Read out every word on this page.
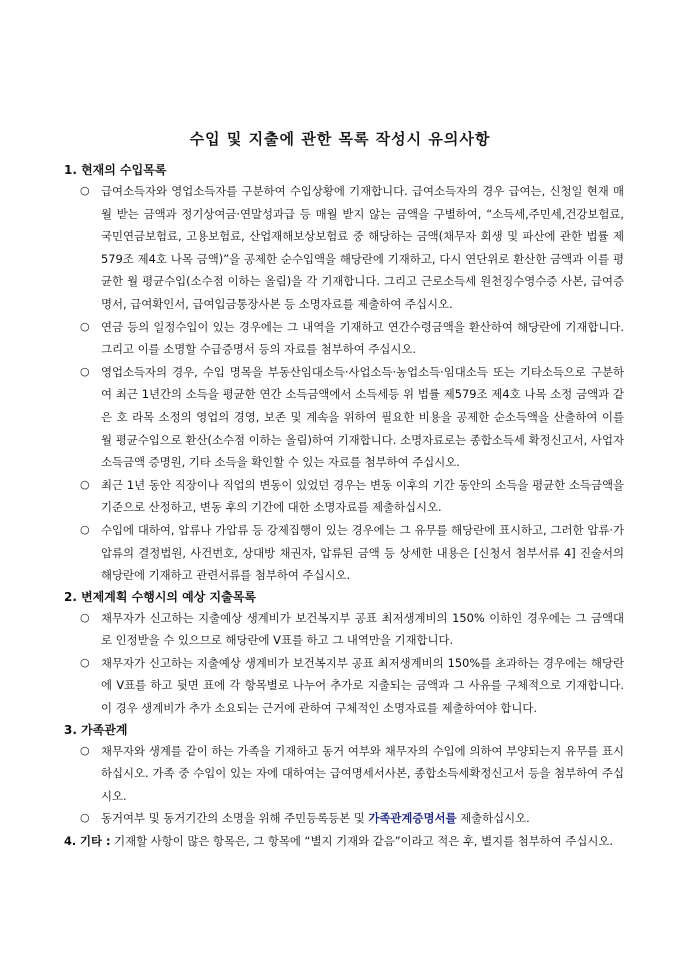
수입 및 지출에 관한 목록 작성시 유의사항
1. 현재의 수입목록
○ 급여소득자와 영업소득자를 구분하여 수입상황에 기재합니다. 급여소득자의 경우 급여는, 신청일 현재 매월 받는 금액과 정기상여금·연말성과급 등 매월 받지 않는 금액을 구별하여, “소득세,주민세,건강보험료, 국민연금보험료, 고용보험료, 산업재해보상보험료 중 해당하는 금액(채무자 회생 및 파산에 관한 법률 제579조 제4호 나목 금액)”을 공제한 순수입액을 해당란에 기재하고, 다시 연단위로 환산한 금액과 이를 평균한 월 평균수입(소수점 이하는 올림)을 각 기재합니다. 그리고 근로소득세 원천징수영수증 사본, 급여증명서, 급여확인서, 급여입금통장사본 등 소명자료를 제출하여 주십시오.
○ 연금 등의 일정수입이 있는 경우에는 그 내역을 기재하고 연간수령금액을 환산하여 해당란에 기재합니다. 그리고 이를 소명할 수급증명서 등의 자료를 첨부하여 주십시오.
○ 영업소득자의 경우, 수입 명목을 부동산임대소득·사업소득·농업소득·임대소득 또는 기타소득으로 구분하여 최근 1년간의 소득을 평균한 연간 소득금액에서 소득세등 위 법률 제579조 제4호 나목 소정 금액과 같은 호 라목 소정의 영업의 경영, 보존 및 계속을 위하여 필요한 비용을 공제한 순소득액을 산출하여 이를 월 평균수입으로 환산(소수점 이하는 올림)하여 기재합니다. 소명자료로는 종합소득세 확정신고서, 사업자 소득금액 증명원, 기타 소득을 확인할 수 있는 자료를 첨부하여 주십시오.
○ 최근 1년 동안 직장이나 직업의 변동이 있었던 경우는 변동 이후의 기간 동안의 소득을 평균한 소득금액을 기준으로 산정하고, 변동 후의 기간에 대한 소명자료를 제출하십시오.
○ 수입에 대하여, 압류나 가압류 등 강제집행이 있는 경우에는 그 유무를 해당란에 표시하고, 그러한 압류·가압류의 결정법원, 사건번호, 상대방 채권자, 압류된 금액 등 상세한 내용은 [신청서 첨부서류 4] 진술서의 해당란에 기재하고 관련서류를 첨부하여 주십시오.
2. 변제계획 수행시의 예상 지출목록
○ 채무자가 신고하는 지출예상 생계비가 보건복지부 공표 최저생계비의 150% 이하인 경우에는 그 금액대로 인정받을 수 있으므로 해당란에 V표를 하고 그 내역만을 기재합니다.
○ 채무자가 신고하는 지출예상 생계비가 보건복지부 공표 최저생계비의 150%를 초과하는 경우에는 해당란에 V표를 하고 뒷면 표에 각 항목별로 나누어 추가로 지출되는 금액과 그 사유를 구체적으로 기재합니다. 이 경우 생계비가 추가 소요되는 근거에 관하여 구체적인 소명자료를 제출하여야 합니다.
3. 가족관계
○ 채무자와 생계를 같이 하는 가족을 기재하고 동거 여부와 채무자의 수입에 의하여 부양되는지 유무를 표시하십시오. 가족 중 수입이 있는 자에 대하여는 급여명세서사본, 종합소득세확정신고서 등을 첨부하여 주십시오.
○ 동거여부 및 동거기간의 소명을 위해 주민등록등본 및 가족관계증명서를 제출하십시오.
4. 기타 : 기재할 사항이 많은 항목은, 그 항목에 “별지 기재와 같음”이라고 적은 후, 별지를 첨부하여 주십시오.
